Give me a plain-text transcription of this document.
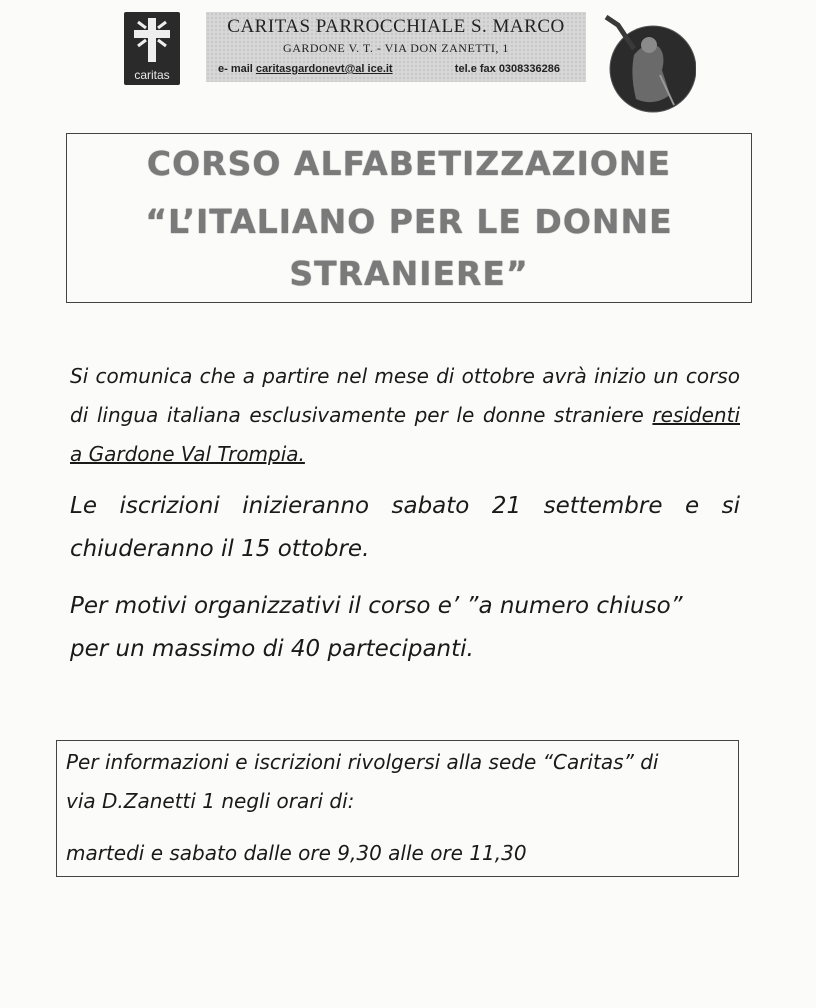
caritas
CARITAS PARROCCHIALE S. MARCO
GARDONE V. T. - VIA DON ZANETTI, 1
e- mail caritasgardonevt@al ice.it	tel.e fax 0308336286
CORSO ALFABETIZZAZIONE
“L’ITALIANO PER LE DONNE
STRANIERE”
Si comunica che a partire nel mese di ottobre avrà inizio un corso di lingua italiana esclusivamente per le donne straniere residenti a Gardone Val Trompia.
Le iscrizioni inizieranno sabato 21 settembre e si chiuderanno il 15 ottobre.
Per motivi organizzativi il corso e’ ”a numero chiuso”
per un massimo di 40 partecipanti.
Per informazioni e iscrizioni rivolgersi alla sede “Caritas” di
via D.Zanetti 1 negli orari di:
martedi e sabato dalle ore 9,30 alle ore 11,30
